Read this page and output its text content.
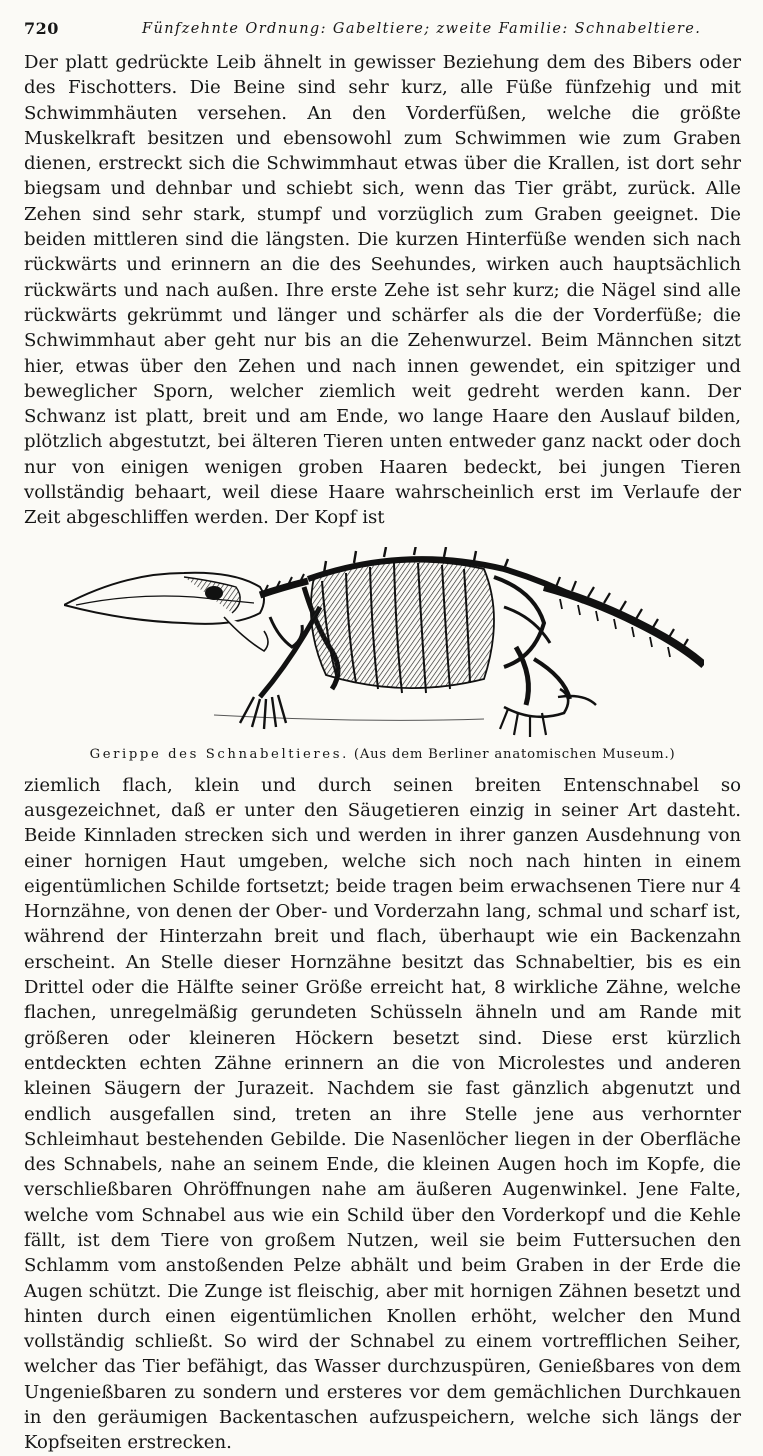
720	Fünfzehnte Ordnung: Gabeltiere; zweite Familie: Schnabeltiere.

Der platt gedrückte Leib ähnelt in gewisser Beziehung dem des Bibers oder des Fischotters. Die Beine sind sehr kurz, alle Füße fünfzehig und mit Schwimmhäuten versehen. An den Vorderfüßen, welche die größte Muskelkraft besitzen und ebensowohl zum Schwimmen wie zum Graben dienen, erstreckt sich die Schwimmhaut etwas über die Krallen, ist dort sehr biegsam und dehnbar und schiebt sich, wenn das Tier gräbt, zurück. Alle Zehen sind sehr stark, stumpf und vorzüglich zum Graben geeignet. Die beiden mittleren sind die längsten. Die kurzen Hinterfüße wenden sich nach rückwärts und erinnern an die des Seehundes, wirken auch hauptsächlich rückwärts und nach außen. Ihre erste Zehe ist sehr kurz; die Nägel sind alle rückwärts gekrümmt und länger und schärfer als die der Vorderfüße; die Schwimmhaut aber geht nur bis an die Zehenwurzel. Beim Männchen sitzt hier, etwas über den Zehen und nach innen gewendet, ein spitziger und beweglicher Sporn, welcher ziemlich weit gedreht werden kann. Der Schwanz ist platt, breit und am Ende, wo lange Haare den Auslauf bilden, plötzlich abgestutzt, bei älteren Tieren unten entweder ganz nackt oder doch nur von einigen wenigen groben Haaren bedeckt, bei jungen Tieren vollständig behaart, weil diese Haare wahrscheinlich erst im Verlaufe der Zeit abgeschliffen werden. Der Kopf ist

Gerippe des Schnabeltieres. (Aus dem Berliner anatomischen Museum.)

ziemlich flach, klein und durch seinen breiten Entenschnabel so ausgezeichnet, daß er unter den Säugetieren einzig in seiner Art dasteht. Beide Kinnladen strecken sich und werden in ihrer ganzen Ausdehnung von einer hornigen Haut umgeben, welche sich noch nach hinten in einem eigentümlichen Schilde fortsetzt; beide tragen beim erwachsenen Tiere nur 4 Hornzähne, von denen der Ober- und Vorderzahn lang, schmal und scharf ist, während der Hinterzahn breit und flach, überhaupt wie ein Backenzahn erscheint. An Stelle dieser Hornzähne besitzt das Schnabeltier, bis es ein Drittel oder die Hälfte seiner Größe erreicht hat, 8 wirkliche Zähne, welche flachen, unregelmäßig gerundeten Schüsseln ähneln und am Rande mit größeren oder kleineren Höckern besetzt sind. Diese erst kürzlich entdeckten echten Zähne erinnern an die von Microlestes und anderen kleinen Säugern der Jurazeit. Nachdem sie fast gänzlich abgenutzt und endlich ausgefallen sind, treten an ihre Stelle jene aus verhornter Schleimhaut bestehenden Gebilde. Die Nasenlöcher liegen in der Oberfläche des Schnabels, nahe an seinem Ende, die kleinen Augen hoch im Kopfe, die verschließbaren Ohröffnungen nahe am äußeren Augenwinkel. Jene Falte, welche vom Schnabel aus wie ein Schild über den Vorderkopf und die Kehle fällt, ist dem Tiere von großem Nutzen, weil sie beim Futtersuchen den Schlamm vom anstoßenden Pelze abhält und beim Graben in der Erde die Augen schützt. Die Zunge ist fleischig, aber mit hornigen Zähnen besetzt und hinten durch einen eigentümlichen Knollen erhöht, welcher den Mund vollständig schließt. So wird der Schnabel zu einem vortrefflichen Seiher, welcher das Tier befähigt, das Wasser durchzuspüren, Genießbares von dem Ungenießbaren zu sondern und ersteres vor dem gemächlichen Durchkauen in den geräumigen Backentaschen aufzuspeichern, welche sich längs der Kopfseiten erstrecken.
